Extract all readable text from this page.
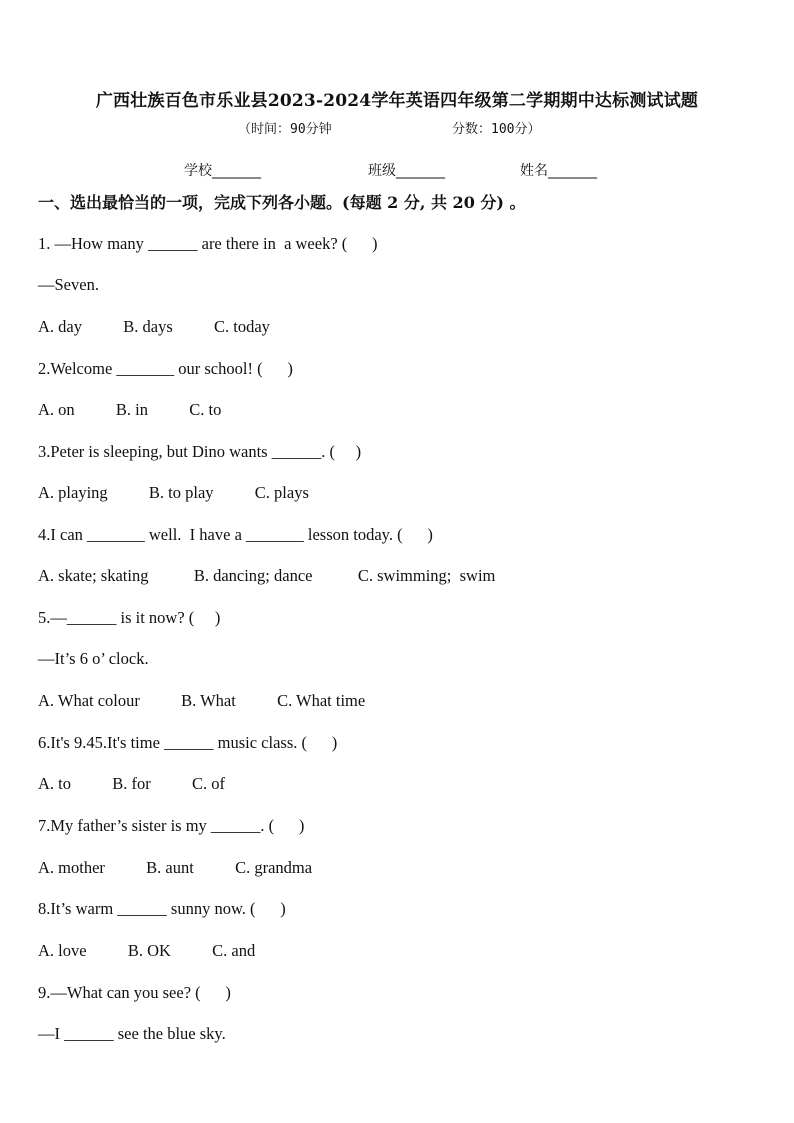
广西壮族百色市乐业县2023-2024学年英语四年级第二学期期中达标测试试题
（时间：90分钟	分数：100分）
学校_______	班级_______	姓名_______
一、选出最恰当的一项，完成下列各小题。(每题 2 分, 共 20 分) 。
1. —How many ______ are there in  a week? (      )
—Seven.
A. day          B. days          C. today
2.Welcome _______ our school! (      )
A. on          B. in          C. to
3.Peter is sleeping, but Dino wants ______. (     )
A. playing          B. to play          C. plays
4.I can _______ well.  I have a _______ lesson today. (      )
A. skate; skating           B. dancing; dance           C. swimming;  swim
5.—______ is it now? (     )
—It’s 6 o’ clock.
A. What colour          B. What          C. What time
6.It's 9.45.It's time ______ music class. (      )
A. to          B. for          C. of
7.My father’s sister is my ______. (      )
A. mother          B. aunt          C. grandma
8.It’s warm ______ sunny now. (      )
A. love          B. OK          C. and
9.—What can you see? (      )
—I ______ see the blue sky.
